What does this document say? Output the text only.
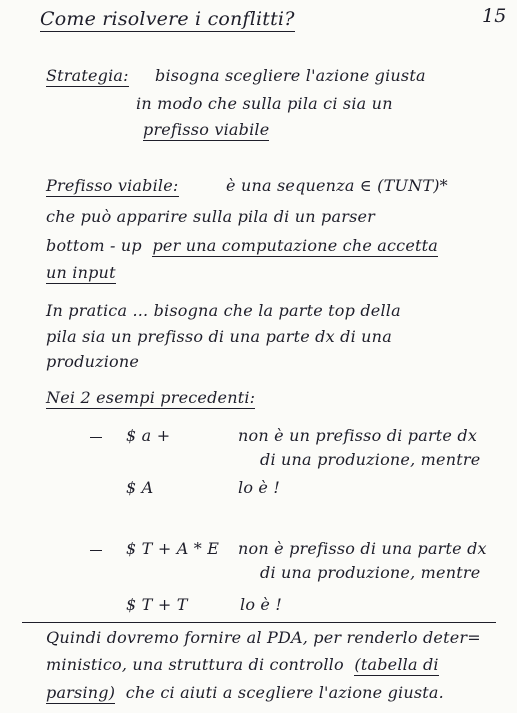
Come risolvere i conflitti?	15
Strategia: bisogna scegliere l'azione giusta
in modo che sulla pila ci sia un
prefisso viabile
Prefisso viabile:	è una sequenza ∈ (TUNT)*
che può apparire sulla pila di un parser
bottom - up per una computazione che accetta
un input
In pratica ... bisogna che la parte top della
pila sia un prefisso di una parte dx di una
produzione
Nei 2 esempi precedenti:
$ a +	non è un prefisso di parte dx
di una produzione, mentre
$ A	lo è !
$ T + A * E non è prefisso di una parte dx
di una produzione, mentre
$ T + T	lo è !
Quindi dovremo fornire al PDA, per renderlo deter=
ministico, una struttura di controllo (tabella di
parsing) che ci aiuti a scegliere l'azione giusta.
